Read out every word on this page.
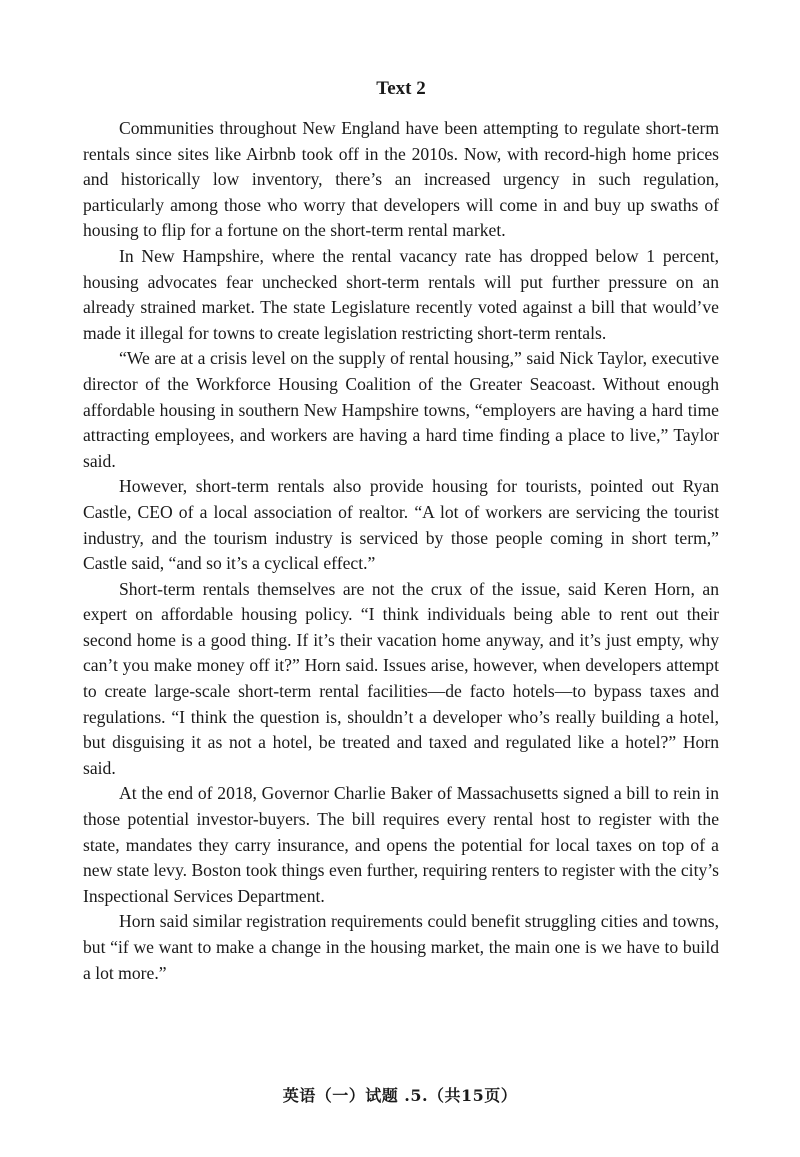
Text 2

Communities throughout New England have been attempting to regulate short-term rentals since sites like Airbnb took off in the 2010s. Now, with record-high home prices and historically low inventory, there’s an increased urgency in such regulation, particularly among those who worry that developers will come in and buy up swaths of housing to flip for a fortune on the short-term rental market.

In New Hampshire, where the rental vacancy rate has dropped below 1 percent, housing advocates fear unchecked short-term rentals will put further pressure on an already strained market. The state Legislature recently voted against a bill that would’ve made it illegal for towns to create legislation restricting short-term rentals.

“We are at a crisis level on the supply of rental housing,” said Nick Taylor, executive director of the Workforce Housing Coalition of the Greater Seacoast. Without enough affordable housing in southern New Hampshire towns, “employers are having a hard time attracting employees, and workers are having a hard time finding a place to live,” Taylor said.

However, short-term rentals also provide housing for tourists, pointed out Ryan Castle, CEO of a local association of realtor. “A lot of workers are servicing the tourist industry, and the tourism industry is serviced by those people coming in short term,” Castle said, “and so it’s a cyclical effect.”

Short-term rentals themselves are not the crux of the issue, said Keren Horn, an expert on affordable housing policy. “I think individuals being able to rent out their second home is a good thing. If it’s their vacation home anyway, and it’s just empty, why can’t you make money off it?” Horn said. Issues arise, however, when developers attempt to create large-scale short-term rental facilities—de facto hotels—to bypass taxes and regulations. “I think the question is, shouldn’t a developer who’s really building a hotel, but disguising it as not a hotel, be treated and taxed and regulated like a hotel?” Horn said.

At the end of 2018, Governor Charlie Baker of Massachusetts signed a bill to rein in those potential investor-buyers. The bill requires every rental host to register with the state, mandates they carry insurance, and opens the potential for local taxes on top of a new state levy. Boston took things even further, requiring renters to register with the city’s Inspectional Services Department.

Horn said similar registration requirements could benefit struggling cities and towns, but “if we want to make a change in the housing market, the main one is we have to build a lot more.”

英语（一）试题 .5.（共15页）
